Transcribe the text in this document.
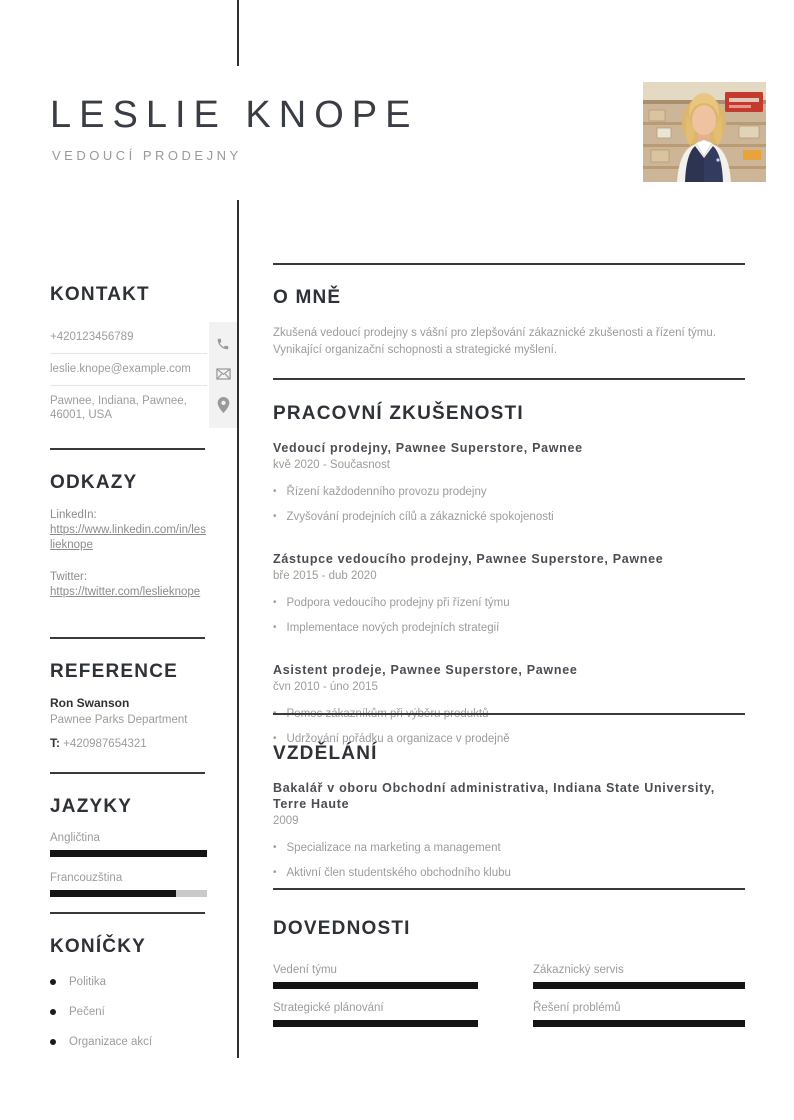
LESLIE KNOPE
VEDOUCÍ PRODEJNY
KONTAKT
+420123456789
leslie.knope@example.com
Pawnee, Indiana, Pawnee, 46001, USA
ODKAZY
LinkedIn:
https://www.linkedin.com/in/leslieknope
Twitter:
https://twitter.com/leslieknope
REFERENCE
Ron Swanson
Pawnee Parks Department
T: +420987654321
JAZYKY
Angličtina
Francouzština
KONÍČKY
Politika
Pečení
Organizace akcí
O MNĚ
Zkušená vedoucí prodejny s vášní pro zlepšování zákaznické zkušenosti a řízení týmu. Vynikající organizační schopnosti a strategické myšlení.
PRACOVNÍ ZKUŠENOSTI
Vedoucí prodejny, Pawnee Superstore, Pawnee
kvě 2020 - Současnost
• Řízení každodenního provozu prodejny
• Zvyšování prodejních cílů a zákaznické spokojenosti
Zástupce vedoucího prodejny, Pawnee Superstore, Pawnee
bře 2015 - dub 2020
• Podpora vedoucího prodejny při řízení týmu
• Implementace nových prodejních strategií
Asistent prodeje, Pawnee Superstore, Pawnee
čvn 2010 - úno 2015
• Udržování pořádku a organizace v prodejně
VZDĚLÁNÍ
Bakalář v oboru Obchodní administrativa, Indiana State University, Terre Haute
2009
• Specializace na marketing a management
• Aktivní člen studentského obchodního klubu
DOVEDNOSTI
Vedení týmu	Zákaznický servis
Strategické plánování	Řešení problémů
